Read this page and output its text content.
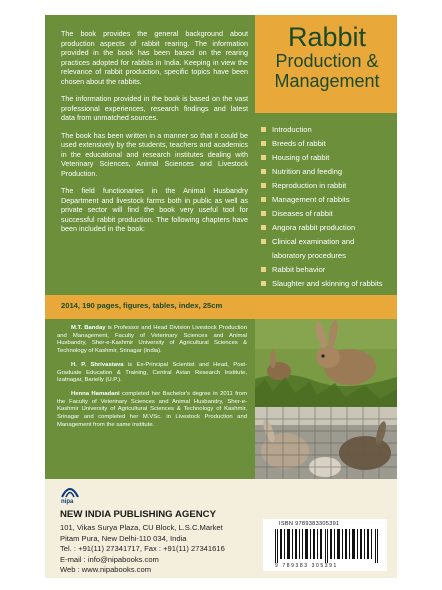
The book provides the general background about production aspects of rabbit rearing. The information provided in the book has been based on the rearing practices adopted for rabbits in India. Keeping in view the relevance of rabbit production, specific topics have been chosen about the rabbits.

The information provided in the book is based on the vast professional experiences, research findings and latest data from unmatched sources.

The book has been written in a manner so that it could be used extensively by the students, teachers and academics in the educational and research institutes dealing with Veterinary Sciences, Animal Sciences and Livestock Production.

The field functionaries in the Animal Husbandry Department and livestock farms both in public as well as private sector will find the book very useful tool for successful rabbit production. The following chapters have been included in the book:

Rabbit
Production &
Management
Introduction
Breeds of rabbit
Housing of rabbit
Nutrition and feeding
Reproduction in rabbit
Management of rabbits
Diseases of rabbit
Angora rabbit production
Clinical examination and
laboratory procedures
Rabbit behavior
Slaughter and skinning of rabbits
2014, 190 pages, figures, tables, index, 25cm

M.T. Banday is Professor and Head Division Livestock Production and Management, Faculty of Veterinary Sciences and Animal Husbandry, Sher-e-Kashmir University of Agricultural Sciences & Technology of Kashmir, Srinagar (India).

H. P. Shrivastava is Ex-Principal Scientist and Head, Post-Graduate Education & Training, Central Avian Research Institute, Izatnagar, Barielly (U.P.).

Henna Hamadani completed her Bachelor's degree in 2011 from the Faculty of Veterinary Sciences and Animal Husbandry, Sher-e-Kashmir University of Agricultural Sciences & Technology of Kashmir, Srinagar and completed her M.VSc. in Livestock Production and Management from the same institute.

nipa
NEW INDIA PUBLISHING AGENCY
101, Vikas Surya Plaza, CU Block, L.S.C.Market
Pitam Pura, New Delhi-110 034, India
Tel. : +91(11) 27341717, Fax : +91(11) 27341616
E-mail : info@nipabooks.com
Web : www.nipabooks.com
ISBN 9789383305391
9 789383 305391
